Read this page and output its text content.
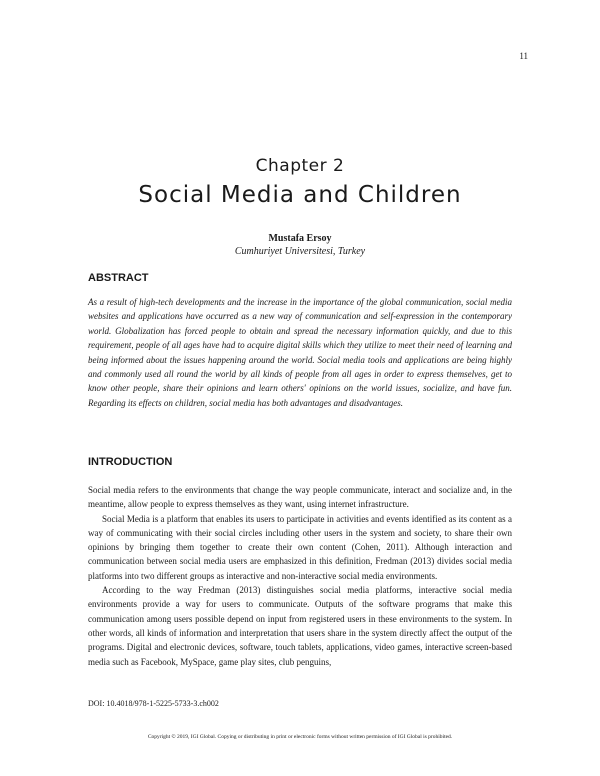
11
Chapter 2
Social Media and Children
Mustafa Ersoy
Cumhuriyet Universitesi, Turkey
ABSTRACT
As a result of high-tech developments and the increase in the importance of the global communication, social media websites and applications have occurred as a new way of communication and self-expression in the contemporary world. Globalization has forced people to obtain and spread the necessary information quickly, and due to this requirement, people of all ages have had to acquire digital skills which they utilize to meet their need of learning and being informed about the issues happening around the world. Social media tools and applications are being highly and commonly used all round the world by all kinds of people from all ages in order to express themselves, get to know other people, share their opinions and learn others' opinions on the world issues, socialize, and have fun. Regarding its effects on children, social media has both advantages and disadvantages.
INTRODUCTION

Social media refers to the environments that change the way people communicate, interact and socialize and, in the meantime, allow people to express themselves as they want, using internet infrastructure.

Social Media is a platform that enables its users to participate in activities and events identified as its content as a way of communicating with their social circles including other users in the system and society, to share their own opinions by bringing them together to create their own content (Cohen, 2011). Although interaction and communication between social media users are emphasized in this definition, Fredman (2013) divides social media platforms into two different groups as interactive and non-interactive social media environments.

According to the way Fredman (2013) distinguishes social media platforms, interactive social media environments provide a way for users to communicate. Outputs of the software programs that make this communication among users possible depend on input from registered users in these environments to the system. In other words, all kinds of information and interpretation that users share in the system directly affect the output of the programs. Digital and electronic devices, software, touch tablets, applications, video games, interactive screen-based media such as Facebook, MySpace, game play sites, club penguins,

DOI: 10.4018/978-1-5225-5733-3.ch002
Copyright © 2019, IGI Global. Copying or distributing in print or electronic forms without written permission of IGI Global is prohibited.
